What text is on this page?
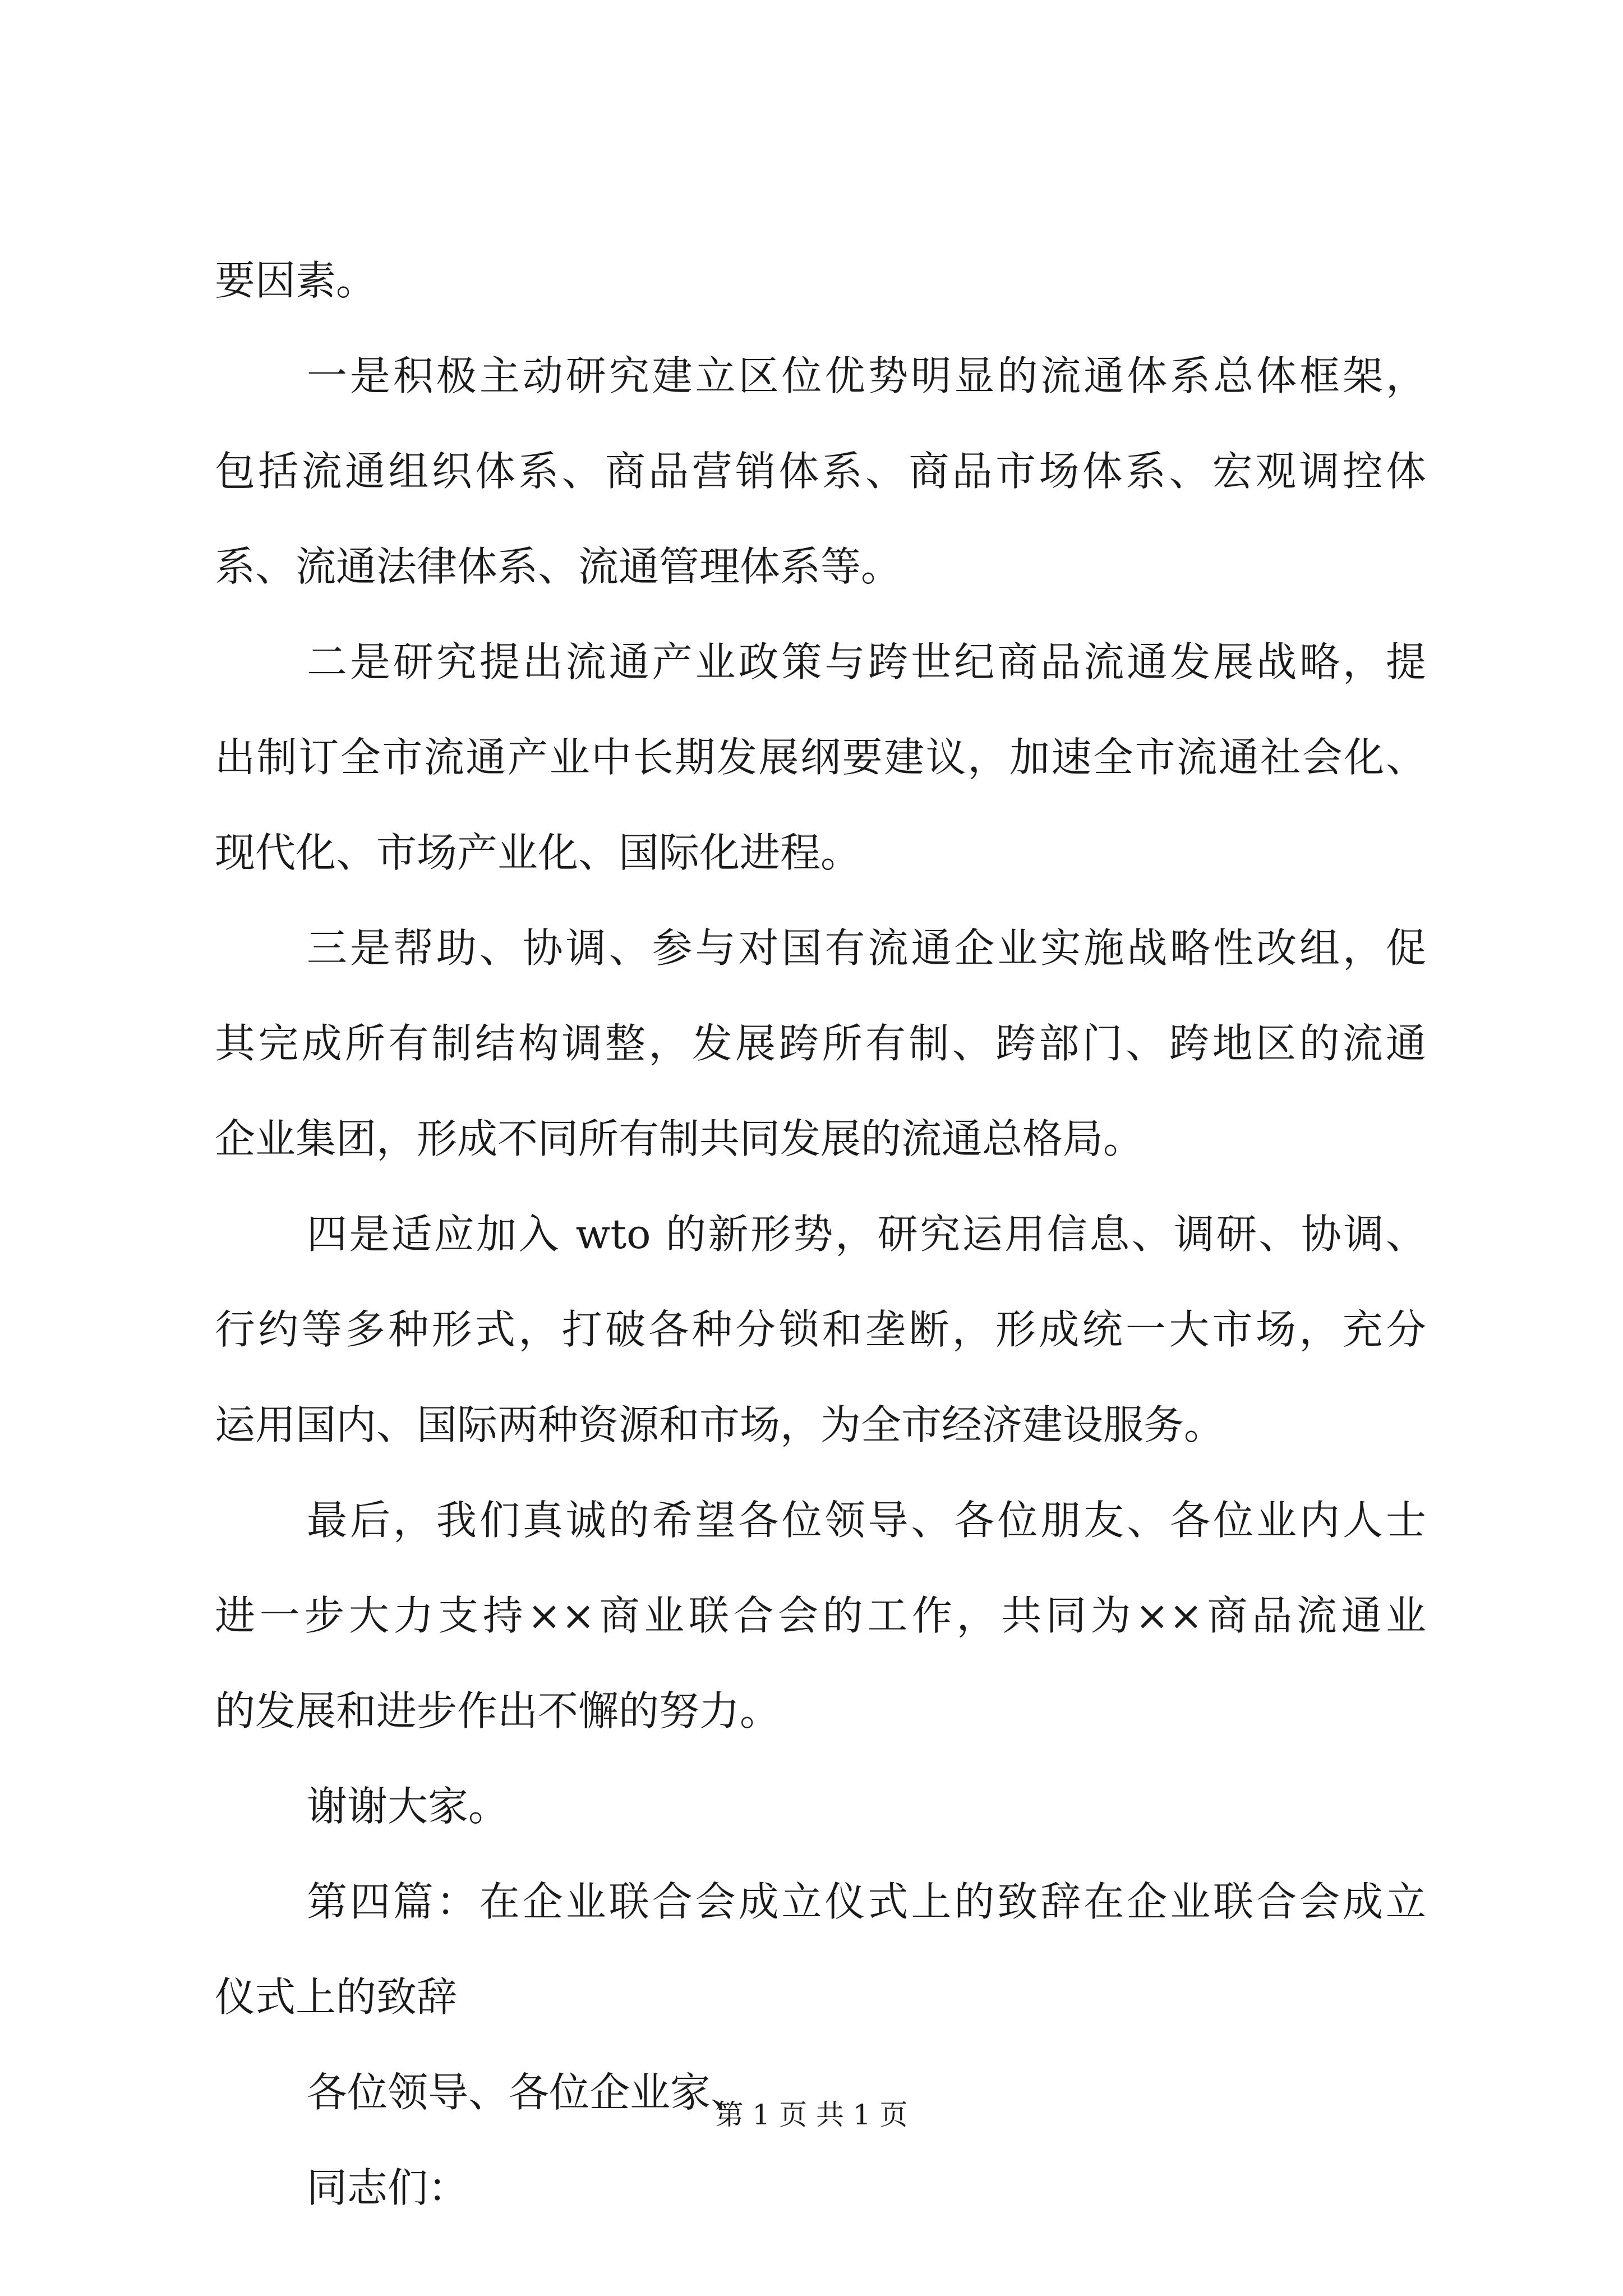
要因素。
一是积极主动研究建立区位优势明显的流通体系总体框架，
包括流通组织体系、商品营销体系、商品市场体系、宏观调控体
系、流通法律体系、流通管理体系等。
二是研究提出流通产业政策与跨世纪商品流通发展战略，提
出制订全市流通产业中长期发展纲要建议，加速全市流通社会化、
现代化、市场产业化、国际化进程。
三是帮助、协调、参与对国有流通企业实施战略性改组，促
其完成所有制结构调整，发展跨所有制、跨部门、跨地区的流通
企业集团，形成不同所有制共同发展的流通总格局。
四是适应加入 wto 的新形势，研究运用信息、调研、协调、
行约等多种形式，打破各种分锁和垄断，形成统一大市场，充分
运用国内、国际两种资源和市场，为全市经济建设服务。
最后，我们真诚的希望各位领导、各位朋友、各位业内人士
进一步大力支持××商业联合会的工作，共同为××商品流通业
的发展和进步作出不懈的努力。
谢谢大家。
第四篇：在企业联合会成立仪式上的致辞在企业联合会成立
仪式上的致辞
各位领导、各位企业家、
同志们：
第 1 页 共 1 页
